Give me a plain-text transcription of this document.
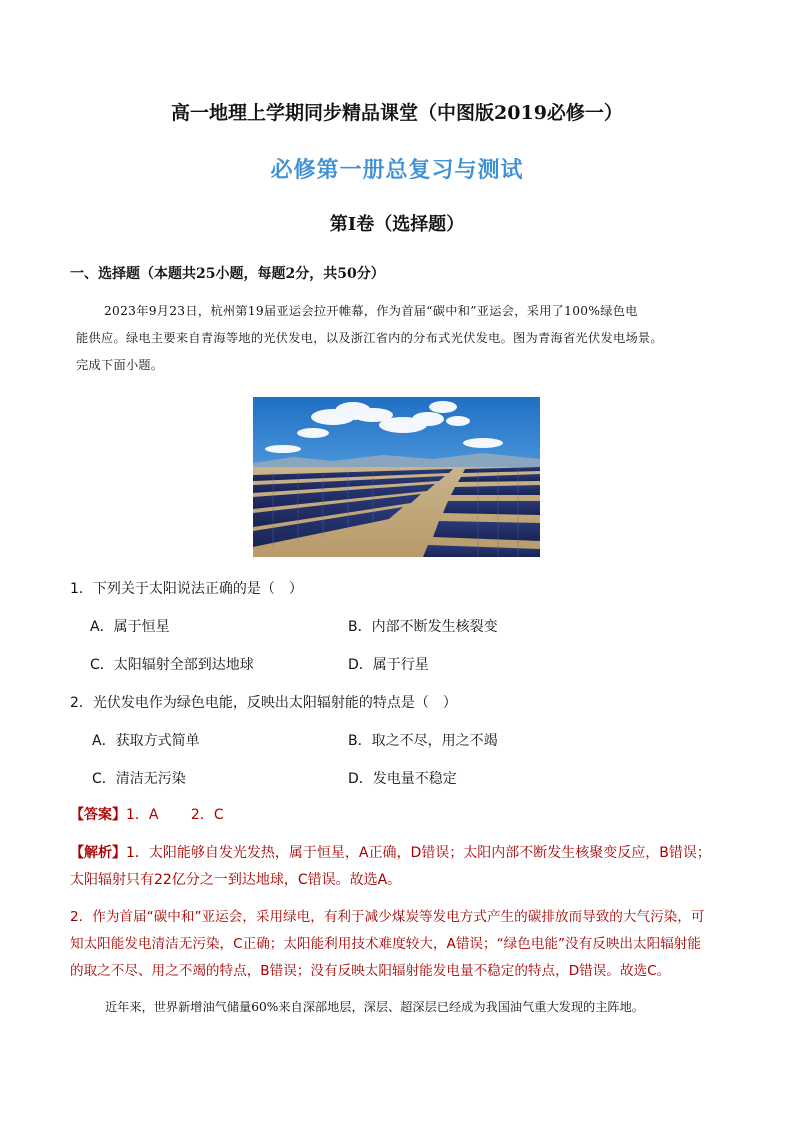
高一地理上学期同步精品课堂（中图版2019必修一）
必修第一册总复习与测试
第Ⅰ卷（选择题）
一、选择题（本题共25小题，每题2分，共50分）
2023年9月23日，杭州第19届亚运会拉开帷幕，作为首届“碳中和”亚运会，采用了100%绿色电
能供应。绿电主要来自青海等地的光伏发电，以及浙江省内的分布式光伏发电。图为青海省光伏发电场景。
完成下面小题。
1．下列关于太阳说法正确的是（　）
A．属于恒星	B．内部不断发生核裂变
C．太阳辐射全部到达地球	D．属于行星
2．光伏发电作为绿色电能，反映出太阳辐射能的特点是（　）
A．获取方式简单	B．取之不尽，用之不竭
C．清洁无污染	D．发电量不稳定
【答案】1．A　　 2．C
【解析】1．太阳能够自发光发热，属于恒星，A正确，D错误；太阳内部不断发生核聚变反应，B错误；
太阳辐射只有22亿分之一到达地球，C错误。故选A。
2．作为首届“碳中和”亚运会，采用绿电，有利于减少煤炭等发电方式产生的碳排放而导致的大气污染，可
知太阳能发电清洁无污染，C正确；太阳能利用技术难度较大，A错误；“绿色电能”没有反映出太阳辐射能
的取之不尽、用之不竭的特点，B错误；没有反映太阳辐射能发电量不稳定的特点，D错误。故选C。
近年来，世界新增油气储量60%来自深部地层，深层、超深层已经成为我国油气重大发现的主阵地。
